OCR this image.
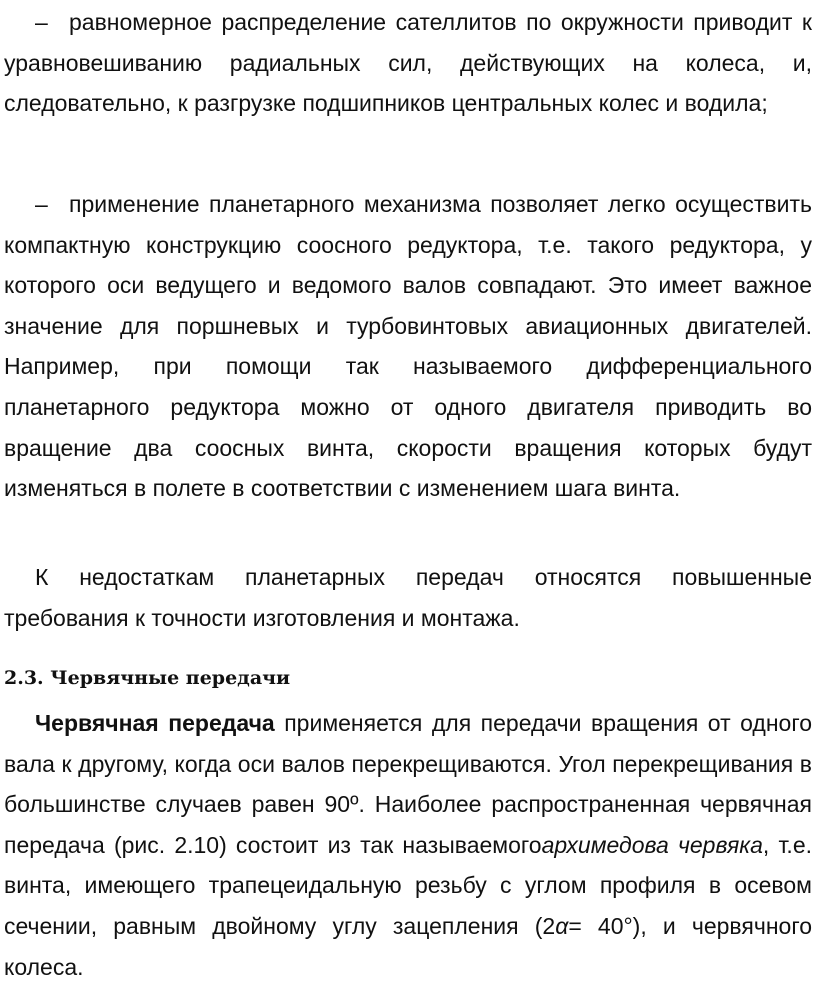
– равномерное распределение сателлитов по окружности приводит к уравновешиванию радиальных сил, действующих на колеса, и, следовательно, к разгрузке подшипников центральных колес и водила;

– применение планетарного механизма позволяет легко осуществить компактную конструкцию соосного редуктора, т.е. такого редуктора, у которого оси ведущего и ведомого валов совпадают. Это имеет важное значение для поршневых и турбовинтовых авиационных двигателей. Например, при помощи так называемого дифференциального планетарного редуктора можно от одного двигателя приводить во вращение два соосных винта, скорости вращения которых будут изменяться в полете в соответствии с изменением шага винта.

К недостаткам планетарных передач относятся повышенные требования к точности изготовления и монтажа.

2.3. Червячные передачи

Червячная передача применяется для передачи вращения от одного вала к другому, когда оси валов перекрещиваются. Угол перекрещивания в большинстве случаев равен 90º. Наиболее распространенная червячная передача (рис. 2.10) состоит из так называемогоархимедова червяка, т.е. винта, имеющего трапецеидальную резьбу с углом профиля в осевом сечении, равным двойному углу зацепления (2α= 40°), и червячного колеса.
